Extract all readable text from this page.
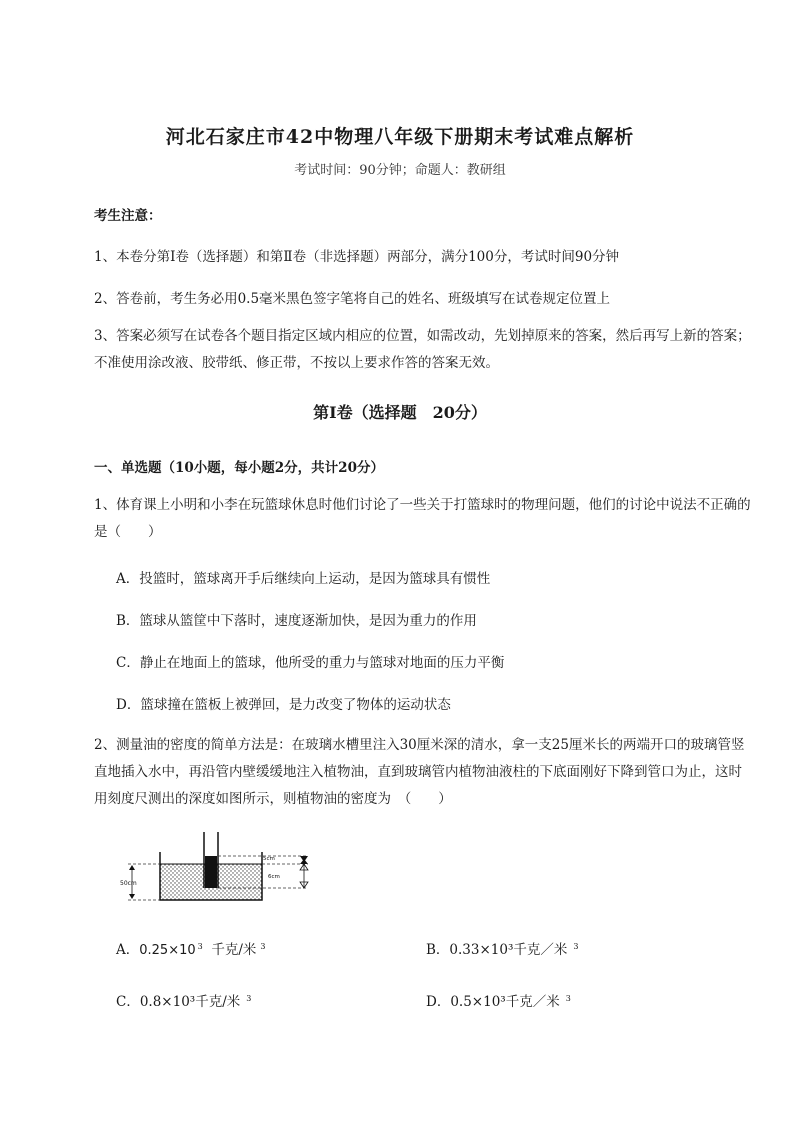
河北石家庄市42中物理八年级下册期末考试难点解析
考试时间：90分钟；命题人：教研组
考生注意：
1、本卷分第Ⅰ卷（选择题）和第Ⅱ卷（非选择题）两部分，满分100分，考试时间90分钟
2、答卷前，考生务必用0.5毫米黑色签字笔将自己的姓名、班级填写在试卷规定位置上
3、答案必须写在试卷各个题目指定区域内相应的位置，如需改动，先划掉原来的答案，然后再写上新的答案；不准使用涂改液、胶带纸、修正带，不按以上要求作答的答案无效。
第Ⅰ卷（选择题　20分）
一、单选题（10小题，每小题2分，共计20分）
1、体育课上小明和小李在玩篮球休息时他们讨论了一些关于打篮球时的物理问题，他们的讨论中说法不正确的是（　　）
A．投篮时，篮球离开手后继续向上运动，是因为篮球具有惯性
B．篮球从篮筐中下落时，速度逐渐加快，是因为重力的作用
C．静止在地面上的篮球，他所受的重力与篮球对地面的压力平衡
D．篮球撞在篮板上被弹回，是力改变了物体的运动状态
2、测量油的密度的简单方法是：在玻璃水槽里注入30厘米深的清水，拿一支25厘米长的两端开口的玻璃管竖直地插入水中，再沿管内壁缓缓地注入植物油，直到玻璃管内植物油液柱的下底面刚好下降到管口为止，这时用刻度尺测出的深度如图所示，则植物油的密度为　（　　）
50cm
5cm
6cm
A．0.25×10 $^3$ 千克/米 $^3$	B．0.33×10³千克／米 $^3$
C．0.8×10³千克/米 $^3$	D．0.5×10³千克／米 $^3$
